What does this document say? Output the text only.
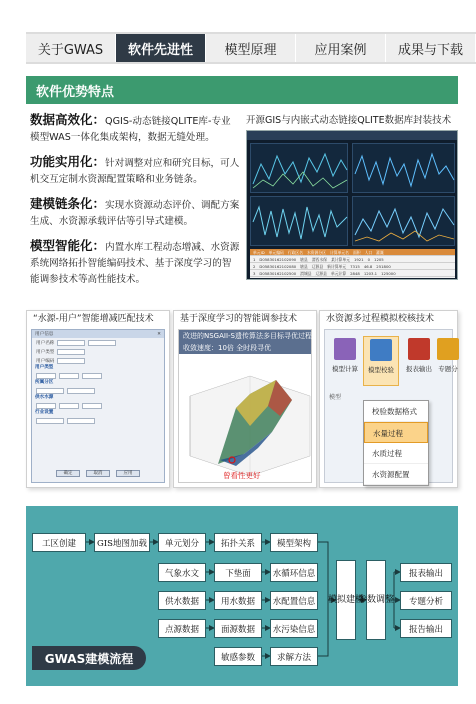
关于GWAS	软件先进性	模型原理	应用案例	成果与下载
软件优势特点
数据高效化：QGIS-动态链接QLITE库-专业模型WAS一体化集成架构，数据无缝处理。
功能实用化：针对调整对应和研究目标，可人机交互定制水资源配置策略和业务链条。
建模链条化：实现水资源动态评价、调配方案生成、水资源承载评估等引导式建模。
模型智能化：内置水库工程动态增减、水资源系统网络拓扑智能编码技术、基于深度学习的智能调参技术等高性能技术。
开源GIS与内嵌式动态链接QLITE数据库封装技术
单元ID 单元编码 行政区名 水资源分区 计算单元名 面积 人口 灌溉
1 D05830162102090 辖县 渭西水保 某计算单元 1921 0 1205
2 D05830162102080 辖县 辽源县 新计算单元 7315 46.8 251800
3 D05830162102500 渭城县 辽源县 单元计算 2848 1203.1 125000
“水源-用户”智能增减匹配技术
用户信息	✕
用户名称
用户类型
用户编码
用户类型
所属分区
供水水源
行业设置
确定	取消	应用
基于深度学习的智能调参技术
改进的NSGAII-S遗传算法多目标寻优过程
收敛速度：10倍 全时段寻优
曾看性更好
水资源多过程模拟校核技术
模型计算	模型校验	报表输出 专题分
模型
校验数据格式
水量过程
水质过程
水资源配置
工区创建	GIS地图加载	单元划分	拓扑关系	模型架构
气象水文	下垫面	水循环信息
供水数据	用水数据	水配置信息
点源数据	面源数据	水污染信息
敏感参数	求解方法
模拟建模
参数调整
报表输出
专题分析
报告输出
GWAS建模流程
